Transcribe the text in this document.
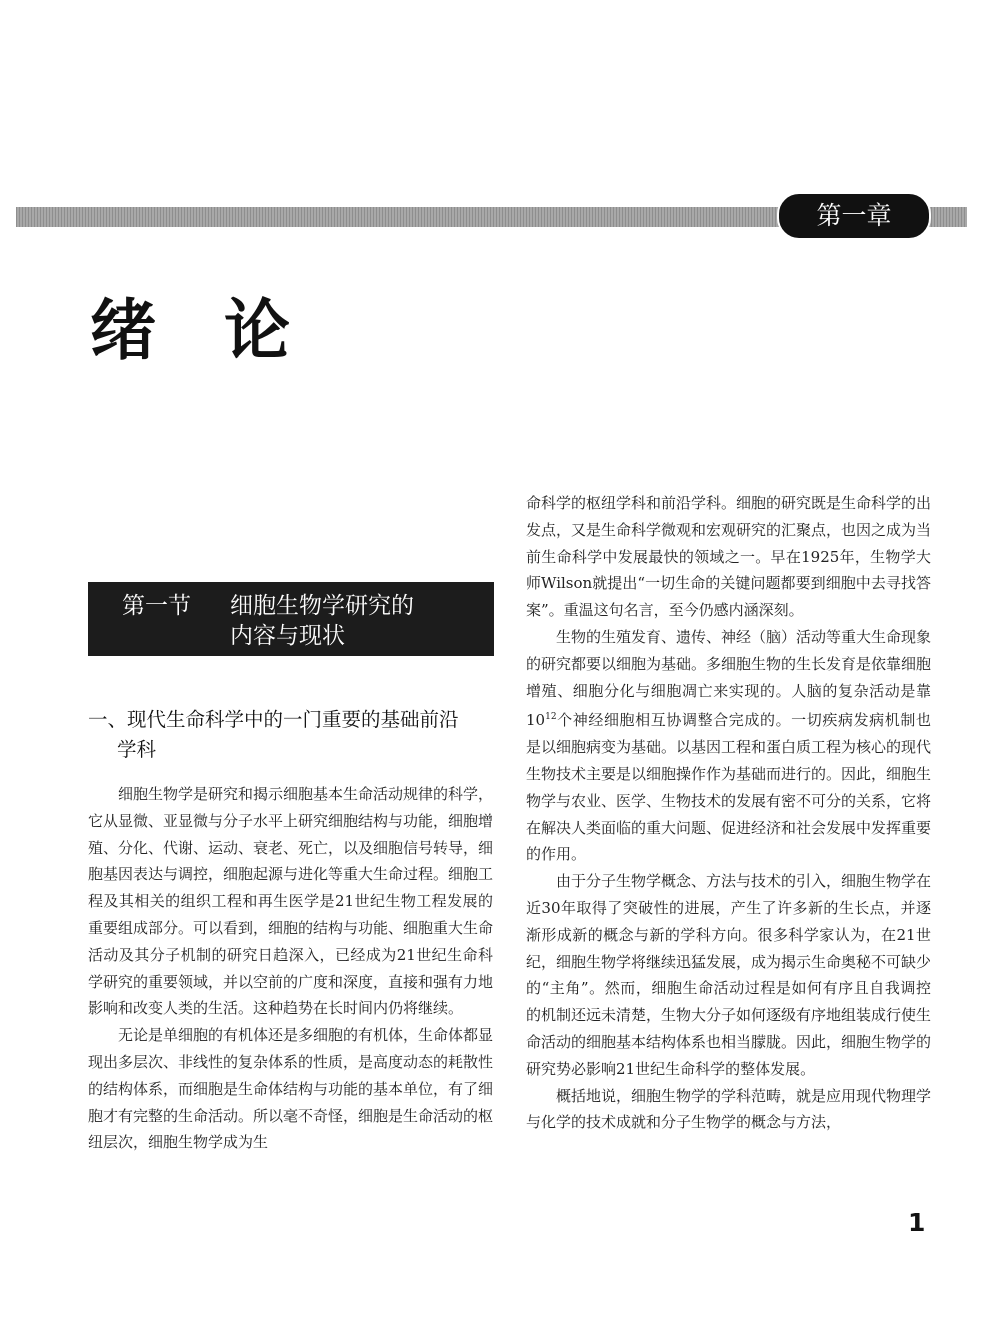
第一章
绪论
第一节 细胞生物学研究的
内容与现状
一、现代生命科学中的一门重要的基础前沿
学科

细胞生物学是研究和揭示细胞基本生命活动规律的科学，它从显微、亚显微与分子水平上研究细胞结构与功能，细胞增殖、分化、代谢、运动、衰老、死亡，以及细胞信号转导，细胞基因表达与调控，细胞起源与进化等重大生命过程。细胞工程及其相关的组织工程和再生医学是21世纪生物工程发展的重要组成部分。可以看到，细胞的结构与功能、细胞重大生命活动及其分子机制的研究日趋深入，已经成为21世纪生命科学研究的重要领域，并以空前的广度和深度，直接和强有力地影响和改变人类的生活。这种趋势在长时间内仍将继续。

无论是单细胞的有机体还是多细胞的有机体，生命体都显现出多层次、非线性的复杂体系的性质，是高度动态的耗散性的结构体系，而细胞是生命体结构与功能的基本单位，有了细胞才有完整的生命活动。所以毫不奇怪，细胞是生命活动的枢纽层次，细胞生物学成为生

命科学的枢纽学科和前沿学科。细胞的研究既是生命科学的出发点，又是生命科学微观和宏观研究的汇聚点，也因之成为当前生命科学中发展最快的领域之一。早在1925年，生物学大师Wilson就提出“一切生命的关键问题都要到细胞中去寻找答案”。重温这句名言，至今仍感内涵深刻。

生物的生殖发育、遗传、神经（脑）活动等重大生命现象的研究都要以细胞为基础。多细胞生物的生长发育是依靠细胞增殖、细胞分化与细胞凋亡来实现的。人脑的复杂活动是靠$10^{12}$个神经细胞相互协调整合完成的。一切疾病发病机制也是以细胞病变为基础。以基因工程和蛋白质工程为核心的现代生物技术主要是以细胞操作作为基础而进行的。因此，细胞生物学与农业、医学、生物技术的发展有密不可分的关系，它将在解决人类面临的重大问题、促进经济和社会发展中发挥重要的作用。

由于分子生物学概念、方法与技术的引入，细胞生物学在近30年取得了突破性的进展，产生了许多新的生长点，并逐渐形成新的概念与新的学科方向。很多科学家认为，在21世纪，细胞生物学将继续迅猛发展，成为揭示生命奥秘不可缺少的“主角”。然而，细胞生命活动过程是如何有序且自我调控的机制还远未清楚，生物大分子如何逐级有序地组装成行使生命活动的细胞基本结构体系也相当朦胧。因此，细胞生物学的研究势必影响21世纪生命科学的整体发展。

概括地说，细胞生物学的学科范畴，就是应用现代物理学与化学的技术成就和分子生物学的概念与方法，

1
